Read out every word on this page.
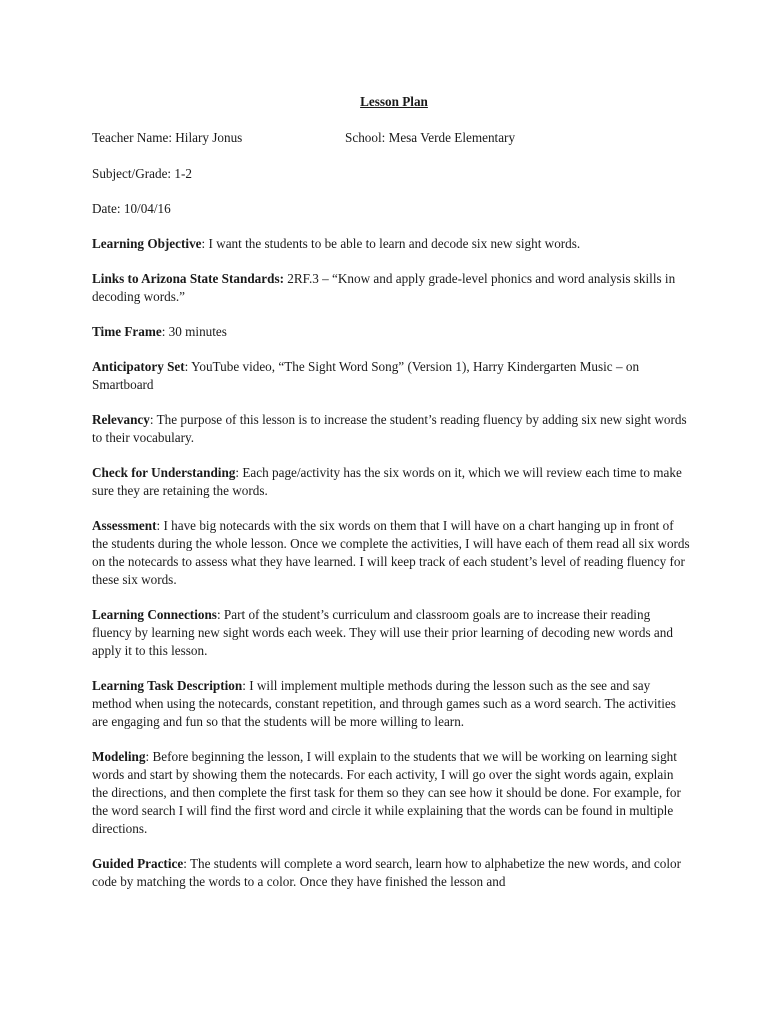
Lesson Plan
Teacher Name: Hilary Jonus	School: Mesa Verde Elementary
Subject/Grade: 1-2
Date: 10/04/16
Learning Objective: I want the students to be able to learn and decode six new sight words.
Links to Arizona State Standards: 2RF.3 – “Know and apply grade-level phonics and word analysis skills in decoding words.”
Time Frame: 30 minutes
Anticipatory Set: YouTube video, “The Sight Word Song” (Version 1), Harry Kindergarten Music – on Smartboard
Relevancy: The purpose of this lesson is to increase the student’s reading fluency by adding six new sight words to their vocabulary.
Check for Understanding: Each page/activity has the six words on it, which we will review each time to make sure they are retaining the words.
Assessment: I have big notecards with the six words on them that I will have on a chart hanging up in front of the students during the whole lesson. Once we complete the activities, I will have each of them read all six words on the notecards to assess what they have learned. I will keep track of each student’s level of reading fluency for these six words.
Learning Connections: Part of the student’s curriculum and classroom goals are to increase their reading fluency by learning new sight words each week. They will use their prior learning of decoding new words and apply it to this lesson.
Learning Task Description: I will implement multiple methods during the lesson such as the see and say method when using the notecards, constant repetition, and through games such as a word search. The activities are engaging and fun so that the students will be more willing to learn.
Modeling: Before beginning the lesson, I will explain to the students that we will be working on learning sight words and start by showing them the notecards. For each activity, I will go over the sight words again, explain the directions, and then complete the first task for them so they can see how it should be done. For example, for the word search I will find the first word and circle it while explaining that the words can be found in multiple directions.
Guided Practice: The students will complete a word search, learn how to alphabetize the new words, and color code by matching the words to a color. Once they have finished the lesson and
